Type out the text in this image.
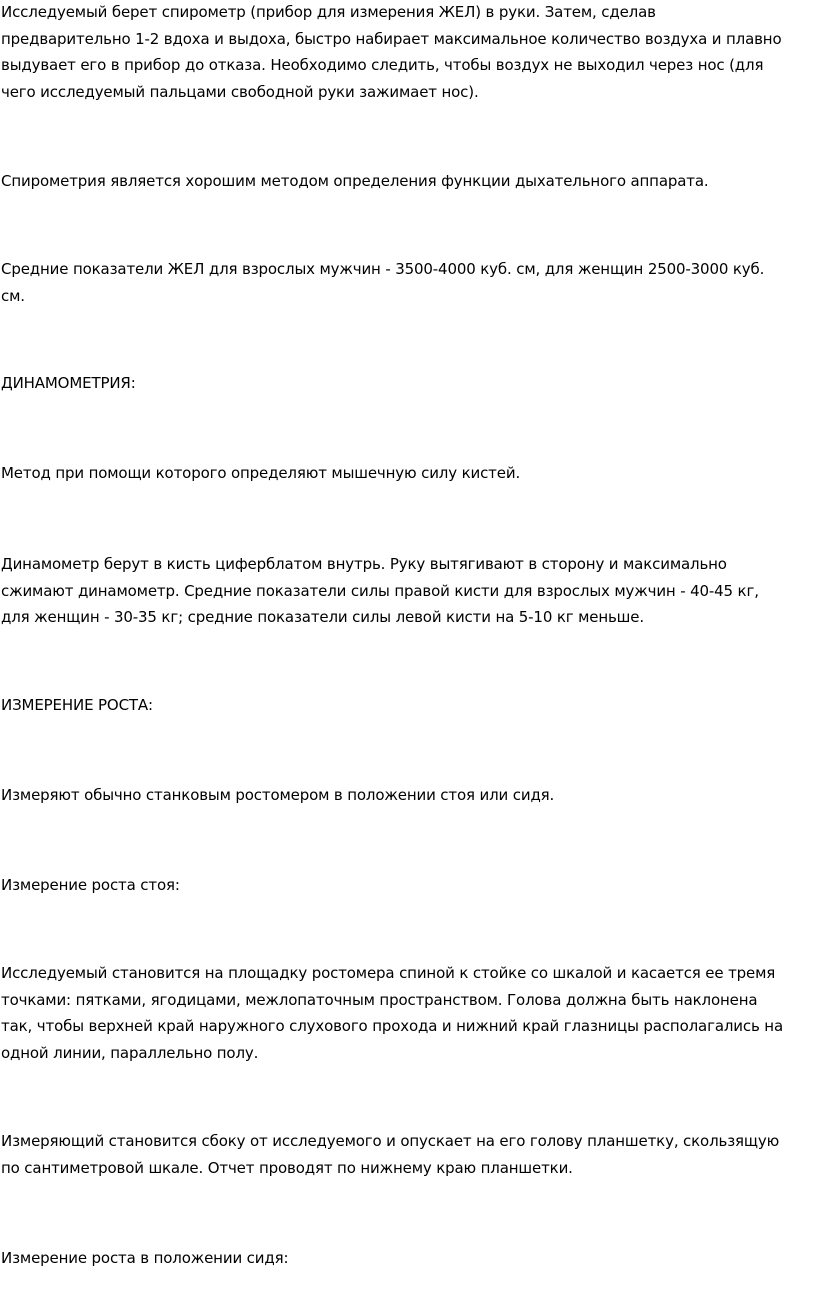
Исследуемый берет спирометр (прибор для измерения ЖЕЛ) в руки. Затем, сделав
предварительно 1-2 вдоха и выдоха, быстро набирает максимальное количество воздуха и плавно
выдувает его в прибор до отказа. Необходимо следить, чтобы воздух не выходил через нос (для
чего исследуемый пальцами свободной руки зажимает нос).
Спирометрия является хорошим методом определения функции дыхательного аппарата.
Средние показатели ЖЕЛ для взрослых мужчин - 3500-4000 куб. см, для женщин 2500-3000 куб.
см.
ДИНАМОМЕТРИЯ:
Метод при помощи которого определяют мышечную силу кистей.
Динамометр берут в кисть циферблатом внутрь. Руку вытягивают в сторону и максимально
сжимают динамометр. Средние показатели силы правой кисти для взрослых мужчин - 40-45 кг,
для женщин - 30-35 кг; средние показатели силы левой кисти на 5-10 кг меньше.
ИЗМЕРЕНИЕ РОСТА:
Измеряют обычно станковым ростомером в положении стоя или сидя.
Измерение роста стоя:
Исследуемый становится на площадку ростомера спиной к стойке со шкалой и касается ее тремя
точками: пятками, ягодицами, межлопаточным пространством. Голова должна быть наклонена
так, чтобы верхней край наружного слухового прохода и нижний край глазницы располагались на
одной линии, параллельно полу.
Измеряющий становится сбоку от исследуемого и опускает на его голову планшетку, скользящую
по сантиметровой шкале. Отчет проводят по нижнему краю планшетки.
Измерение роста в положении сидя:
